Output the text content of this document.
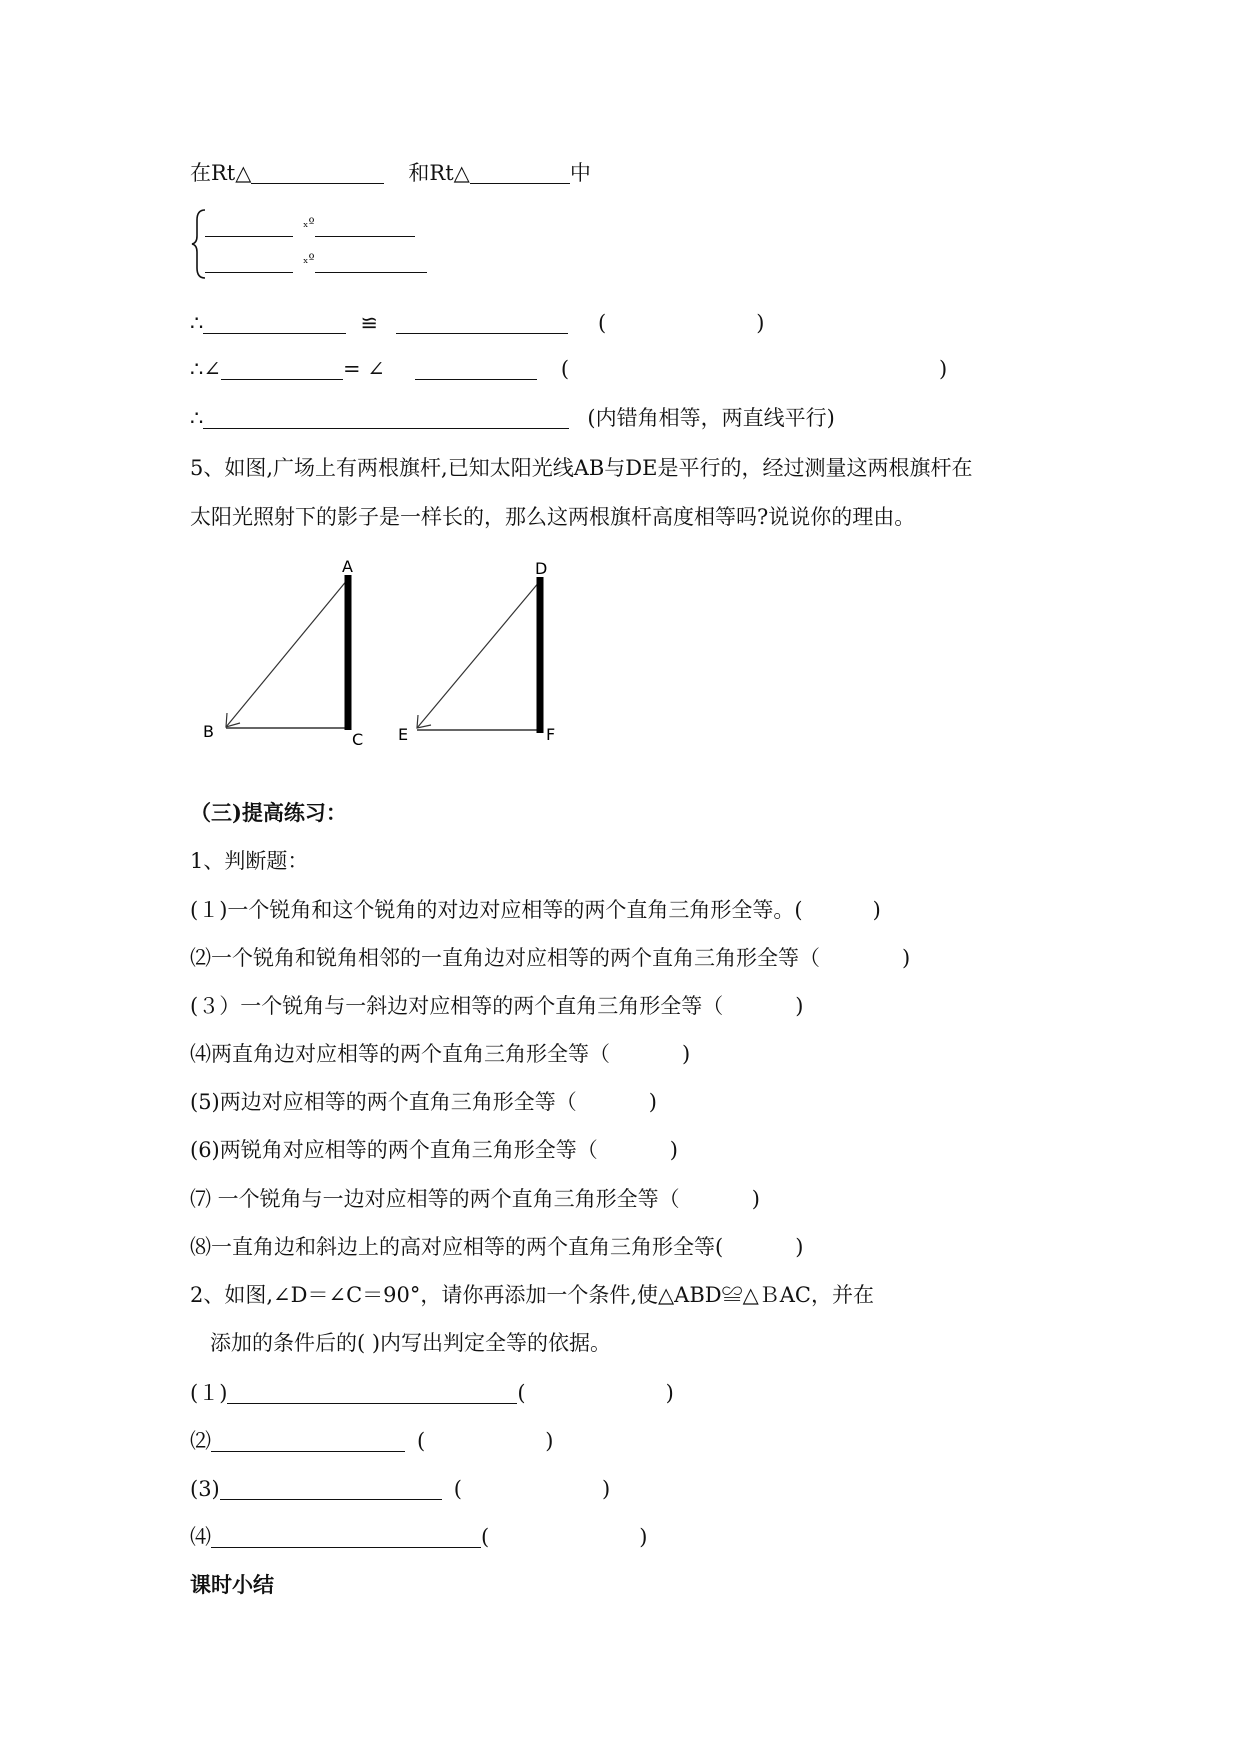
在Rt△	和Rt△	中
$^{_xº}$
$^{_xº}$
∴	≌	(	)
∴∠	= ∠	(	)
∴	(内错角相等，两直线平行)
5、如图,广场上有两根旗杆,已知太阳光线AB与DE是平行的，经过测量这两根旗杆在
太阳光照射下的影子是一样长的，那么这两根旗杆高度相等吗?说说你的理由。
A
B	C
D
E	F
（三)提高练习：
1、判断题：
(１)一个锐角和这个锐角的对边对应相等的两个直角三角形全等。(	)
⑵一个锐角和锐角相邻的一直角边对应相等的两个直角三角形全等（	)
(３）一个锐角与一斜边对应相等的两个直角三角形全等（	)
⑷两直角边对应相等的两个直角三角形全等（	)
(5)两边对应相等的两个直角三角形全等（	)
(6)两锐角对应相等的两个直角三角形全等（	)
⑺ 一个锐角与一边对应相等的两个直角三角形全等（	)
⑻一直角边和斜边上的高对应相等的两个直角三角形全等(	)
2、如图,∠D＝∠C＝90°，请你再添加一个条件,使△ABD≌△ＢAC，并在
添加的条件后的( )内写出判定全等的依据。
(１)	(	)
⑵	(	)
(3)	(	)
⑷	(	)
课时小结
